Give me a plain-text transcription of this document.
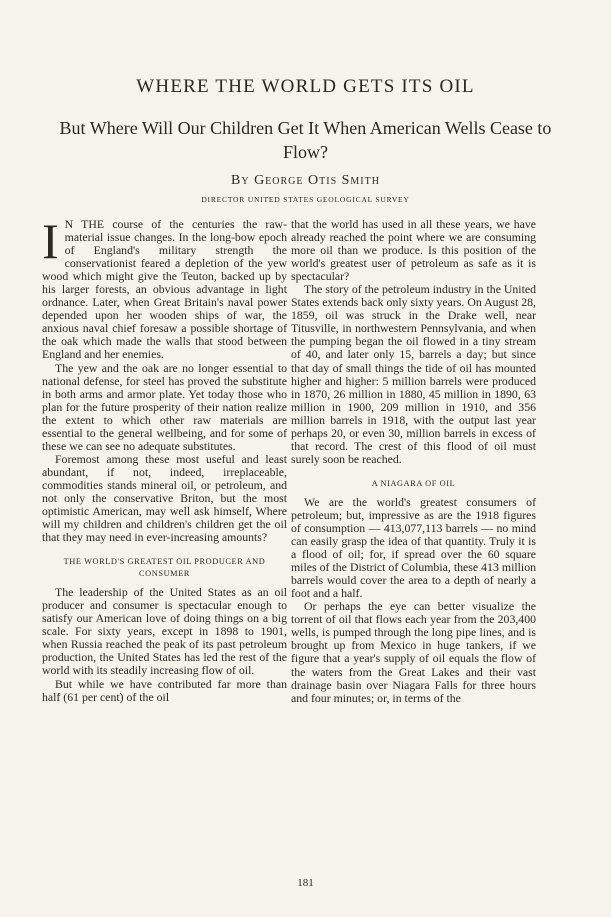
WHERE THE WORLD GETS ITS OIL
But Where Will Our Children Get It When American Wells Cease to Flow?
By George Otis Smith
DIRECTOR UNITED STATES GEOLOGICAL SURVEY

I N THE course of the centuries the raw-material issue changes. In the long-bow epoch of England's military strength the conservationist feared a depletion of the yew wood which might give the Teuton, backed up by his larger forests, an obvious advantage in light ordnance. Later, when Great Britain's naval power depended upon her wooden ships of war, the anxious naval chief foresaw a possible shortage of the oak which made the walls that stood between England and her enemies.

The yew and the oak are no longer essential to national defense, for steel has proved the substitute in both arms and armor plate. Yet today those who plan for the future prosperity of their nation realize the extent to which other raw materials are essential to the general wellbeing, and for some of these we can see no adequate substitutes.

Foremost among these most useful and least abundant, if not, indeed, irreplaceable, commodities stands mineral oil, or petroleum, and not only the conservative Briton, but the most optimistic American, may well ask himself, Where will my children and children's children get the oil that they may need in ever-increasing amounts?

THE WORLD'S GREATEST OIL PRODUCER AND CONSUMER

The leadership of the United States as an oil producer and consumer is spectacular enough to satisfy our American love of doing things on a big scale. For sixty years, except in 1898 to 1901, when Russia reached the peak of its past petroleum production, the United States has led the rest of the world with its steadily increasing flow of oil.

But while we have contributed far more than half (61 per cent) of the oil

that the world has used in all these years, we have already reached the point where we are consuming more oil than we produce. Is this position of the world's greatest user of petroleum as safe as it is spectacular?

The story of the petroleum industry in the United States extends back only sixty years. On August 28, 1859, oil was struck in the Drake well, near Titusville, in northwestern Pennsylvania, and when the pumping began the oil flowed in a tiny stream of 40, and later only 15, barrels a day; but since that day of small things the tide of oil has mounted higher and higher: 5 million barrels were produced in 1870, 26 million in 1880, 45 million in 1890, 63 million in 1900, 209 million in 1910, and 356 million barrels in 1918, with the output last year perhaps 20, or even 30, million barrels in excess of that record. The crest of this flood of oil must surely soon be reached.

A NIAGARA OF OIL

We are the world's greatest consumers of petroleum; but, impressive as are the 1918 figures of consumption — 413,077,113 barrels — no mind can easily grasp the idea of that quantity. Truly it is a flood of oil; for, if spread over the 60 square miles of the District of Columbia, these 413 million barrels would cover the area to a depth of nearly a foot and a half.

Or perhaps the eye can better visualize the torrent of oil that flows each year from the 203,400 wells, is pumped through the long pipe lines, and is brought up from Mexico in huge tankers, if we figure that a year's supply of oil equals the flow of the waters from the Great Lakes and their vast drainage basin over Niagara Falls for three hours and four minutes; or, in terms of the

181
